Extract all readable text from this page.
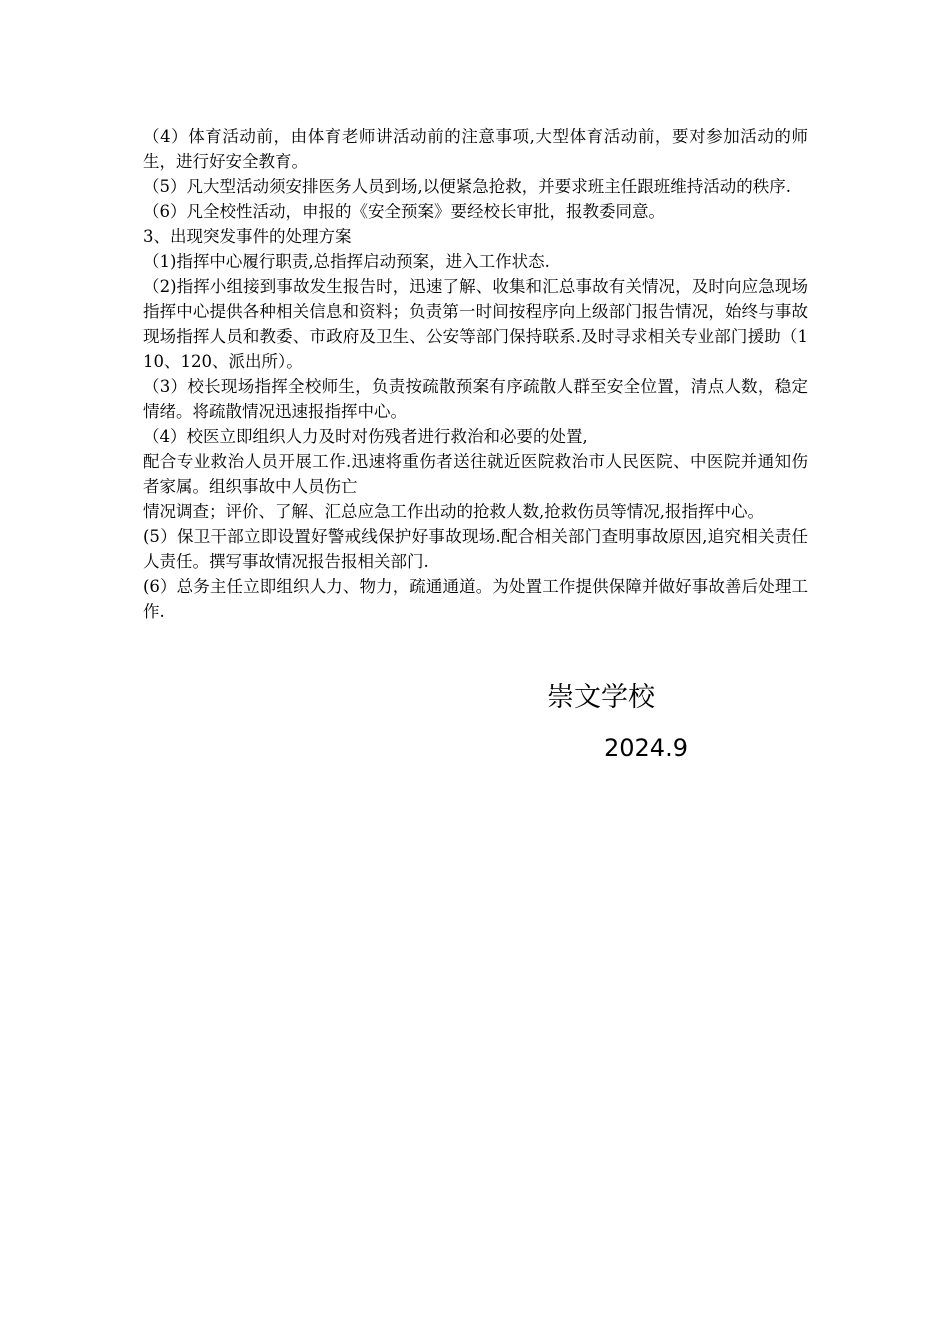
（4）体育活动前，由体育老师讲活动前的注意事项,大型体育活动前，要对参加活动的师生，进行好安全教育。

（5）凡大型活动须安排医务人员到场,以便紧急抢救，并要求班主任跟班维持活动的秩序.

（6）凡全校性活动，申报的《安全预案》要经校长审批，报教委同意。

3、出现突发事件的处理方案

（1)指挥中心履行职责,总指挥启动预案，进入工作状态.

（2)指挥小组接到事故发生报告时，迅速了解、收集和汇总事故有关情况，及时向应急现场指挥中心提供各种相关信息和资料；负责第一时间按程序向上级部门报告情况，始终与事故现场指挥人员和教委、市政府及卫生、公安等部门保持联系.及时寻求相关专业部门援助（110、120、派出所）。

（3）校长现场指挥全校师生，负责按疏散预案有序疏散人群至安全位置，清点人数，稳定情绪。将疏散情况迅速报指挥中心。

（4）校医立即组织人力及时对伤残者进行救治和必要的处置,

配合专业救治人员开展工作.迅速将重伤者送往就近医院救治市人民医院、中医院并通知伤者家属。组织事故中人员伤亡

情况调查；评价、了解、汇总应急工作出动的抢救人数,抢救伤员等情况,报指挥中心。

(5）保卫干部立即设置好警戒线保护好事故现场.配合相关部门查明事故原因,追究相关责任人责任。撰写事故情况报告报相关部门.

(6）总务主任立即组织人力、物力，疏通通道。为处置工作提供保障并做好事故善后处理工作.

崇文学校
2024.9
